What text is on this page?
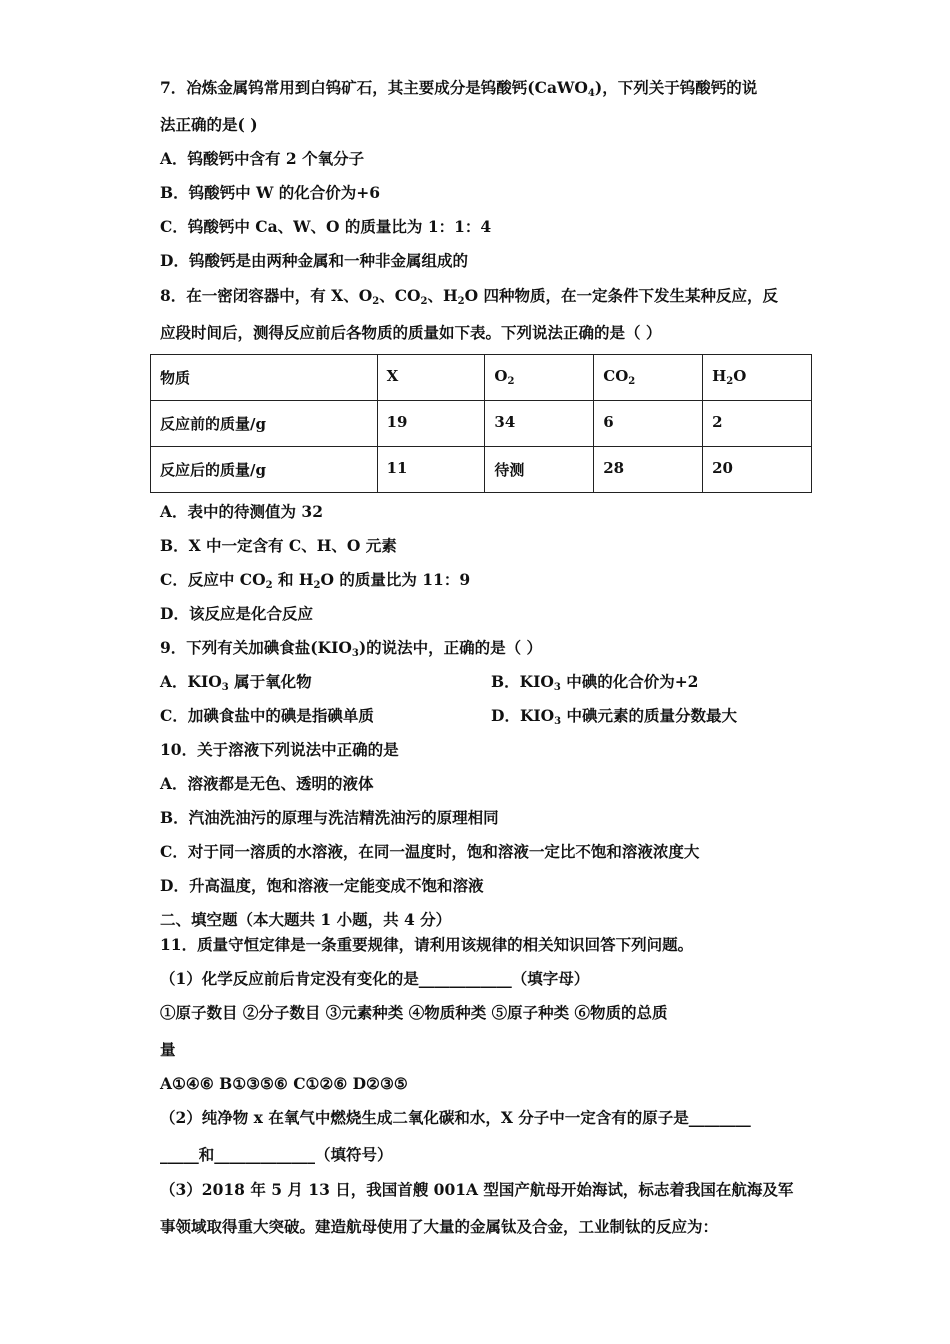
7．冶炼金属钨常用到白钨矿石，其主要成分是钨酸钙(CaWO$_4$)，下列关于钨酸钙的说
法正确的是( )
A．钨酸钙中含有 2 个氧分子
B．钨酸钙中 W 的化合价为+6
C．钨酸钙中 Ca、W、O 的质量比为 1：1：4
D．钨酸钙是由两种金属和一种非金属组成的
8．在一密闭容器中，有 X、$O_2$、$CO_2$、$H_2O$ 四种物质，在一定条件下发生某种反应，反
应段时间后，测得反应前后各物质的质量如下表。下列说法正确的是（ ）
物质	X	$O_2$	$CO_2$	$H_2O$
反应前的质量/g	19	34	6	2
反应后的质量/g	11	待测	28	20
A．表中的待测值为 32
B．X 中一定含有 C、H、O 元素
C．反应中 $CO_2$ 和 $H_2O$ 的质量比为 11：9
D．该反应是化合反应
9．下列有关加碘食盐$(KIO_3)$的说法中，正确的是（ ）
A．$KIO_3$ 属于氧化物	B．$KIO_3$ 中碘的化合价为+2
C．加碘食盐中的碘是指碘单质	D．$KIO_3$ 中碘元素的质量分数最大
10．关于溶液下列说法中正确的是
A．溶液都是无色、透明的液体
B．汽油洗油污的原理与洗洁精洗油污的原理相同
C．对于同一溶质的水溶液，在同一温度时，饱和溶液一定比不饱和溶液浓度大
D．升高温度，饱和溶液一定能变成不饱和溶液
二、填空题（本大题共 1 小题，共 4 分）
11．质量守恒定律是一条重要规律，请利用该规律的相关知识回答下列问题。
（1）化学反应前后肯定没有变化的是____________（填字母）
①原子数目 ②分子数目 ③元素种类 ④物质种类 ⑤原子种类 ⑥物质的总质
量
A①④⑥ B①③⑤⑥ C①②⑥ D②③⑤
（2）纯净物 x 在氧气中燃烧生成二氧化碳和水，X 分子中一定含有的原子是________
_____和_____________（填符号）
（3）2018 年 5 月 13 日，我国首艘 001A 型国产航母开始海试，标志着我国在航海及军
事领域取得重大突破。建造航母使用了大量的金属钛及合金，工业制钛的反应为：
